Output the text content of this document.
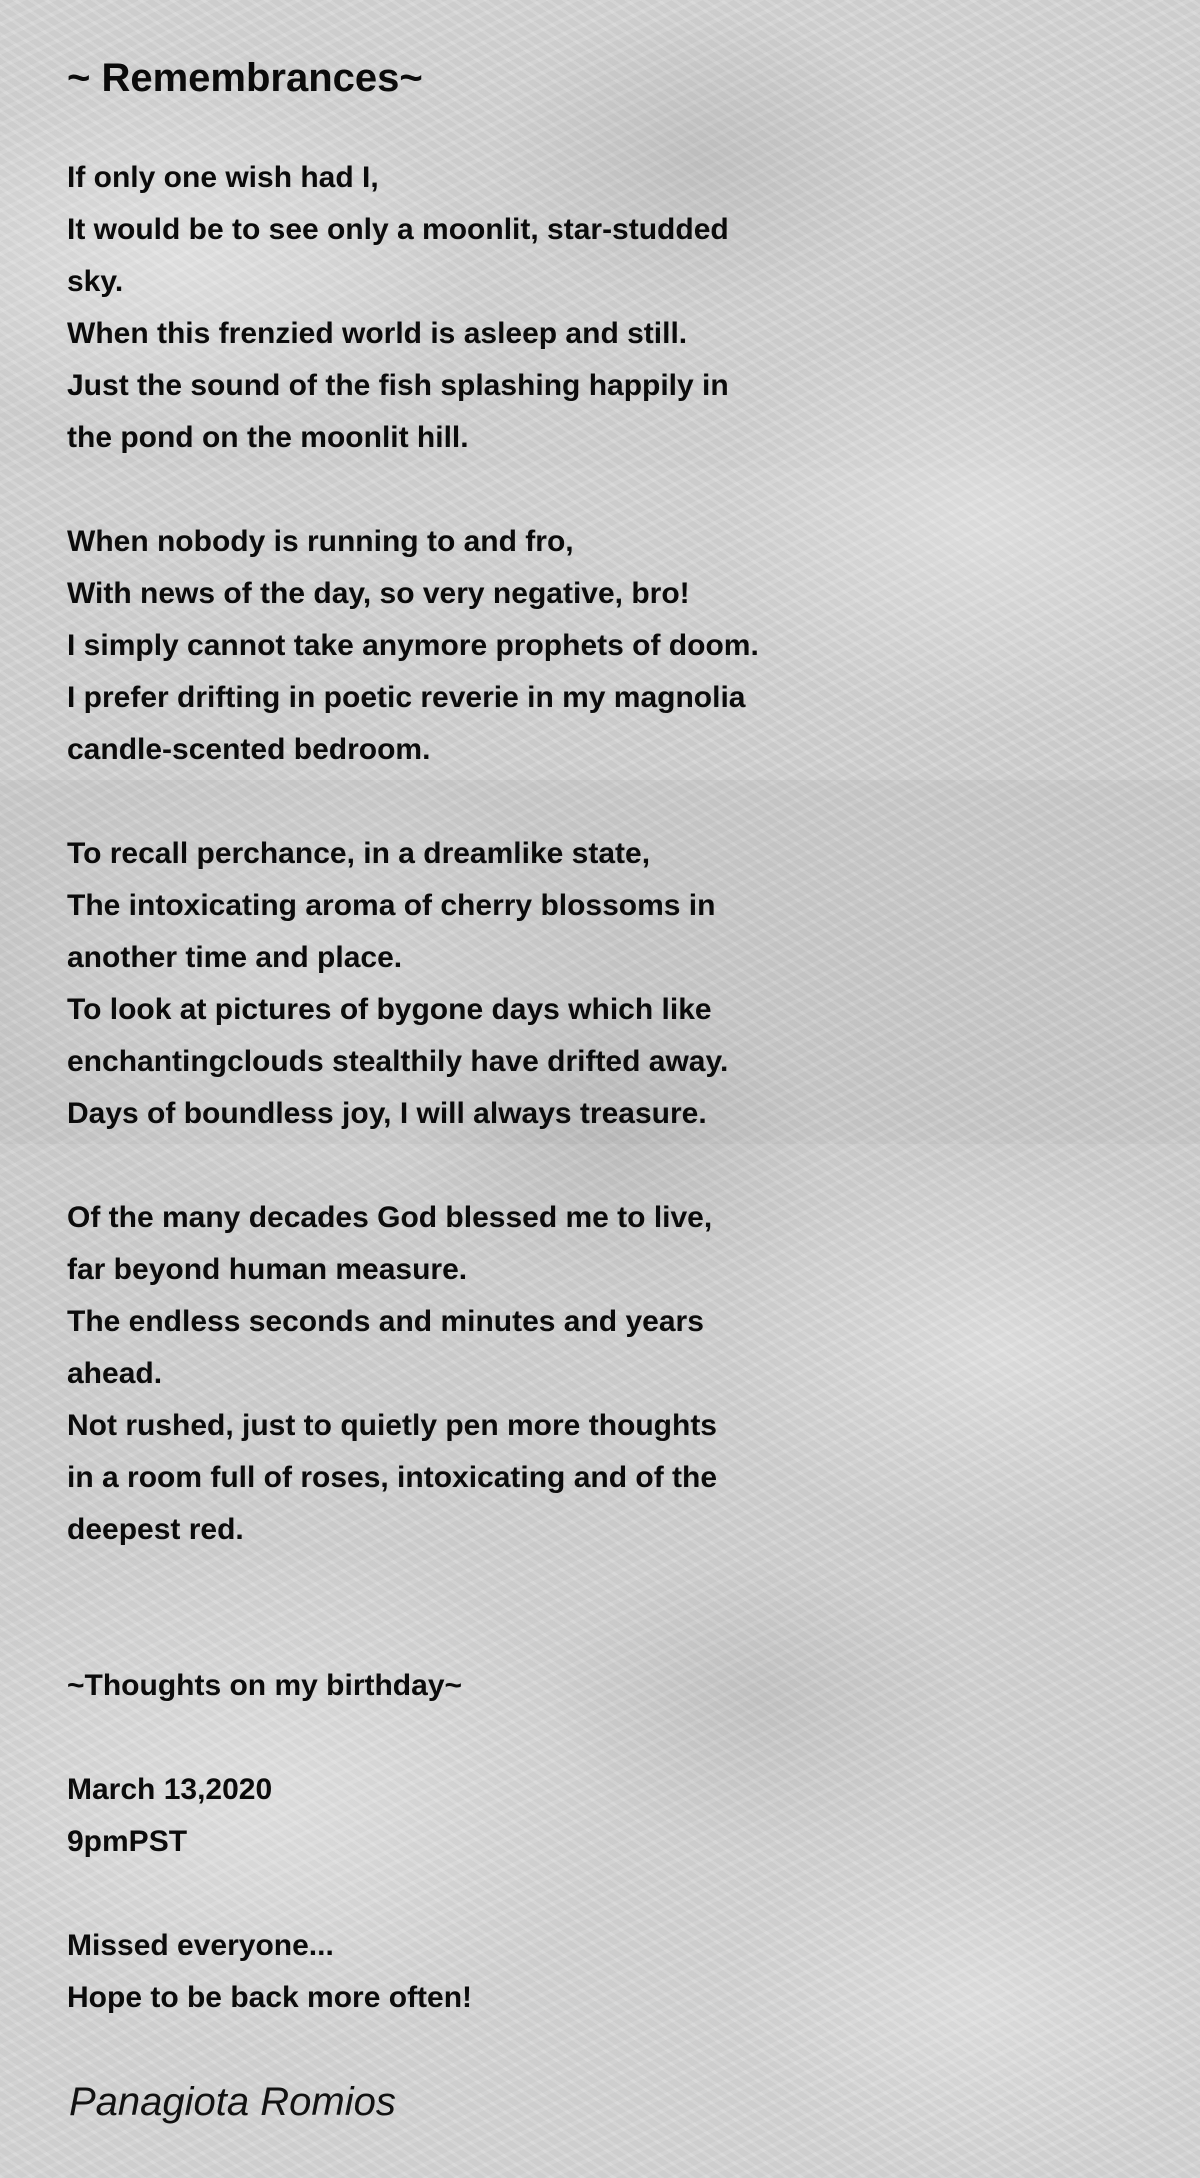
~ Remembrances~
If only one wish had I,
It would be to see only a moonlit, star-studded
sky.
When this frenzied world is asleep and still.
Just the sound of the fish splashing happily in
the pond on the moonlit hill.
When nobody is running to and fro,
With news of the day, so very negative, bro!
I simply cannot take anymore prophets of doom.
I prefer drifting in poetic reverie in my magnolia
candle-scented bedroom.
To recall perchance, in a dreamlike state,
The intoxicating aroma of cherry blossoms in
another time and place.
To look at pictures of bygone days which like
enchantingclouds stealthily have drifted away.
Days of boundless joy, I will always treasure.
Of the many decades God blessed me to live,
far beyond human measure.
The endless seconds and minutes and years
ahead.
Not rushed, just to quietly pen more thoughts
in a room full of roses, intoxicating and of the
deepest red.
~Thoughts on my birthday~
March 13,2020
9pmPST
Missed everyone...
Hope to be back more often!
Panagiota Romios
